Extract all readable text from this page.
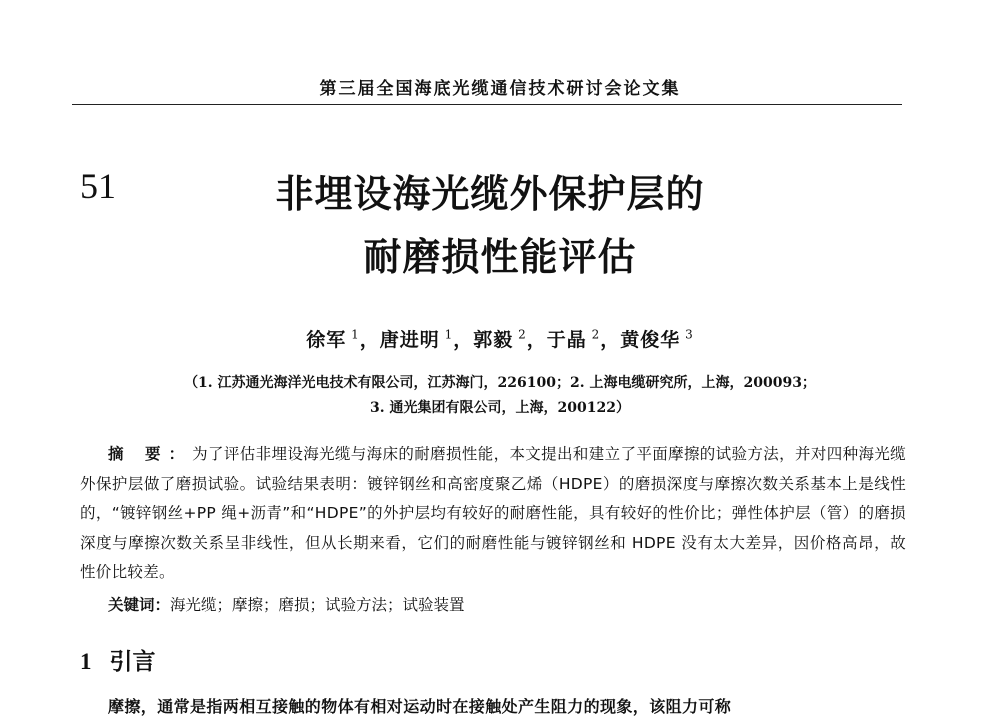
第三届全国海底光缆通信技术研讨会论文集
51	非埋设海光缆外保护层的
耐磨损性能评估
徐军 $^1$，唐进明 $^1$，郭毅 $^2$，于晶 $^2$，黄俊华 $^3$
（1. 江苏通光海洋光电技术有限公司，江苏海门，226100；2. 上海电缆研究所，上海，200093；
3. 通光集团有限公司，上海，200122）
摘 要：为了评估非埋设海光缆与海床的耐磨损性能，本文提出和建立了平面摩擦的试验方法，并对四种海光缆外保护层做了磨损试验。试验结果表明：镀锌钢丝和高密度聚乙烯（HDPE）的磨损深度与摩擦次数关系基本上是线性的，“镀锌钢丝+PP 绳+沥青”和“HDPE”的外护层均有较好的耐磨性能，具有较好的性价比；弹性体护层（管）的磨损深度与摩擦次数关系呈非线性，但从长期来看，它们的耐磨性能与镀锌钢丝和 HDPE 没有太大差异，因价格高昂，故性价比较差。
关键词：海光缆；摩擦；磨损；试验方法；试验装置
1 引言
摩擦，通常是指两相互接触的物体有相对运动时在接触处产生阻力的现象，该阻力可称
